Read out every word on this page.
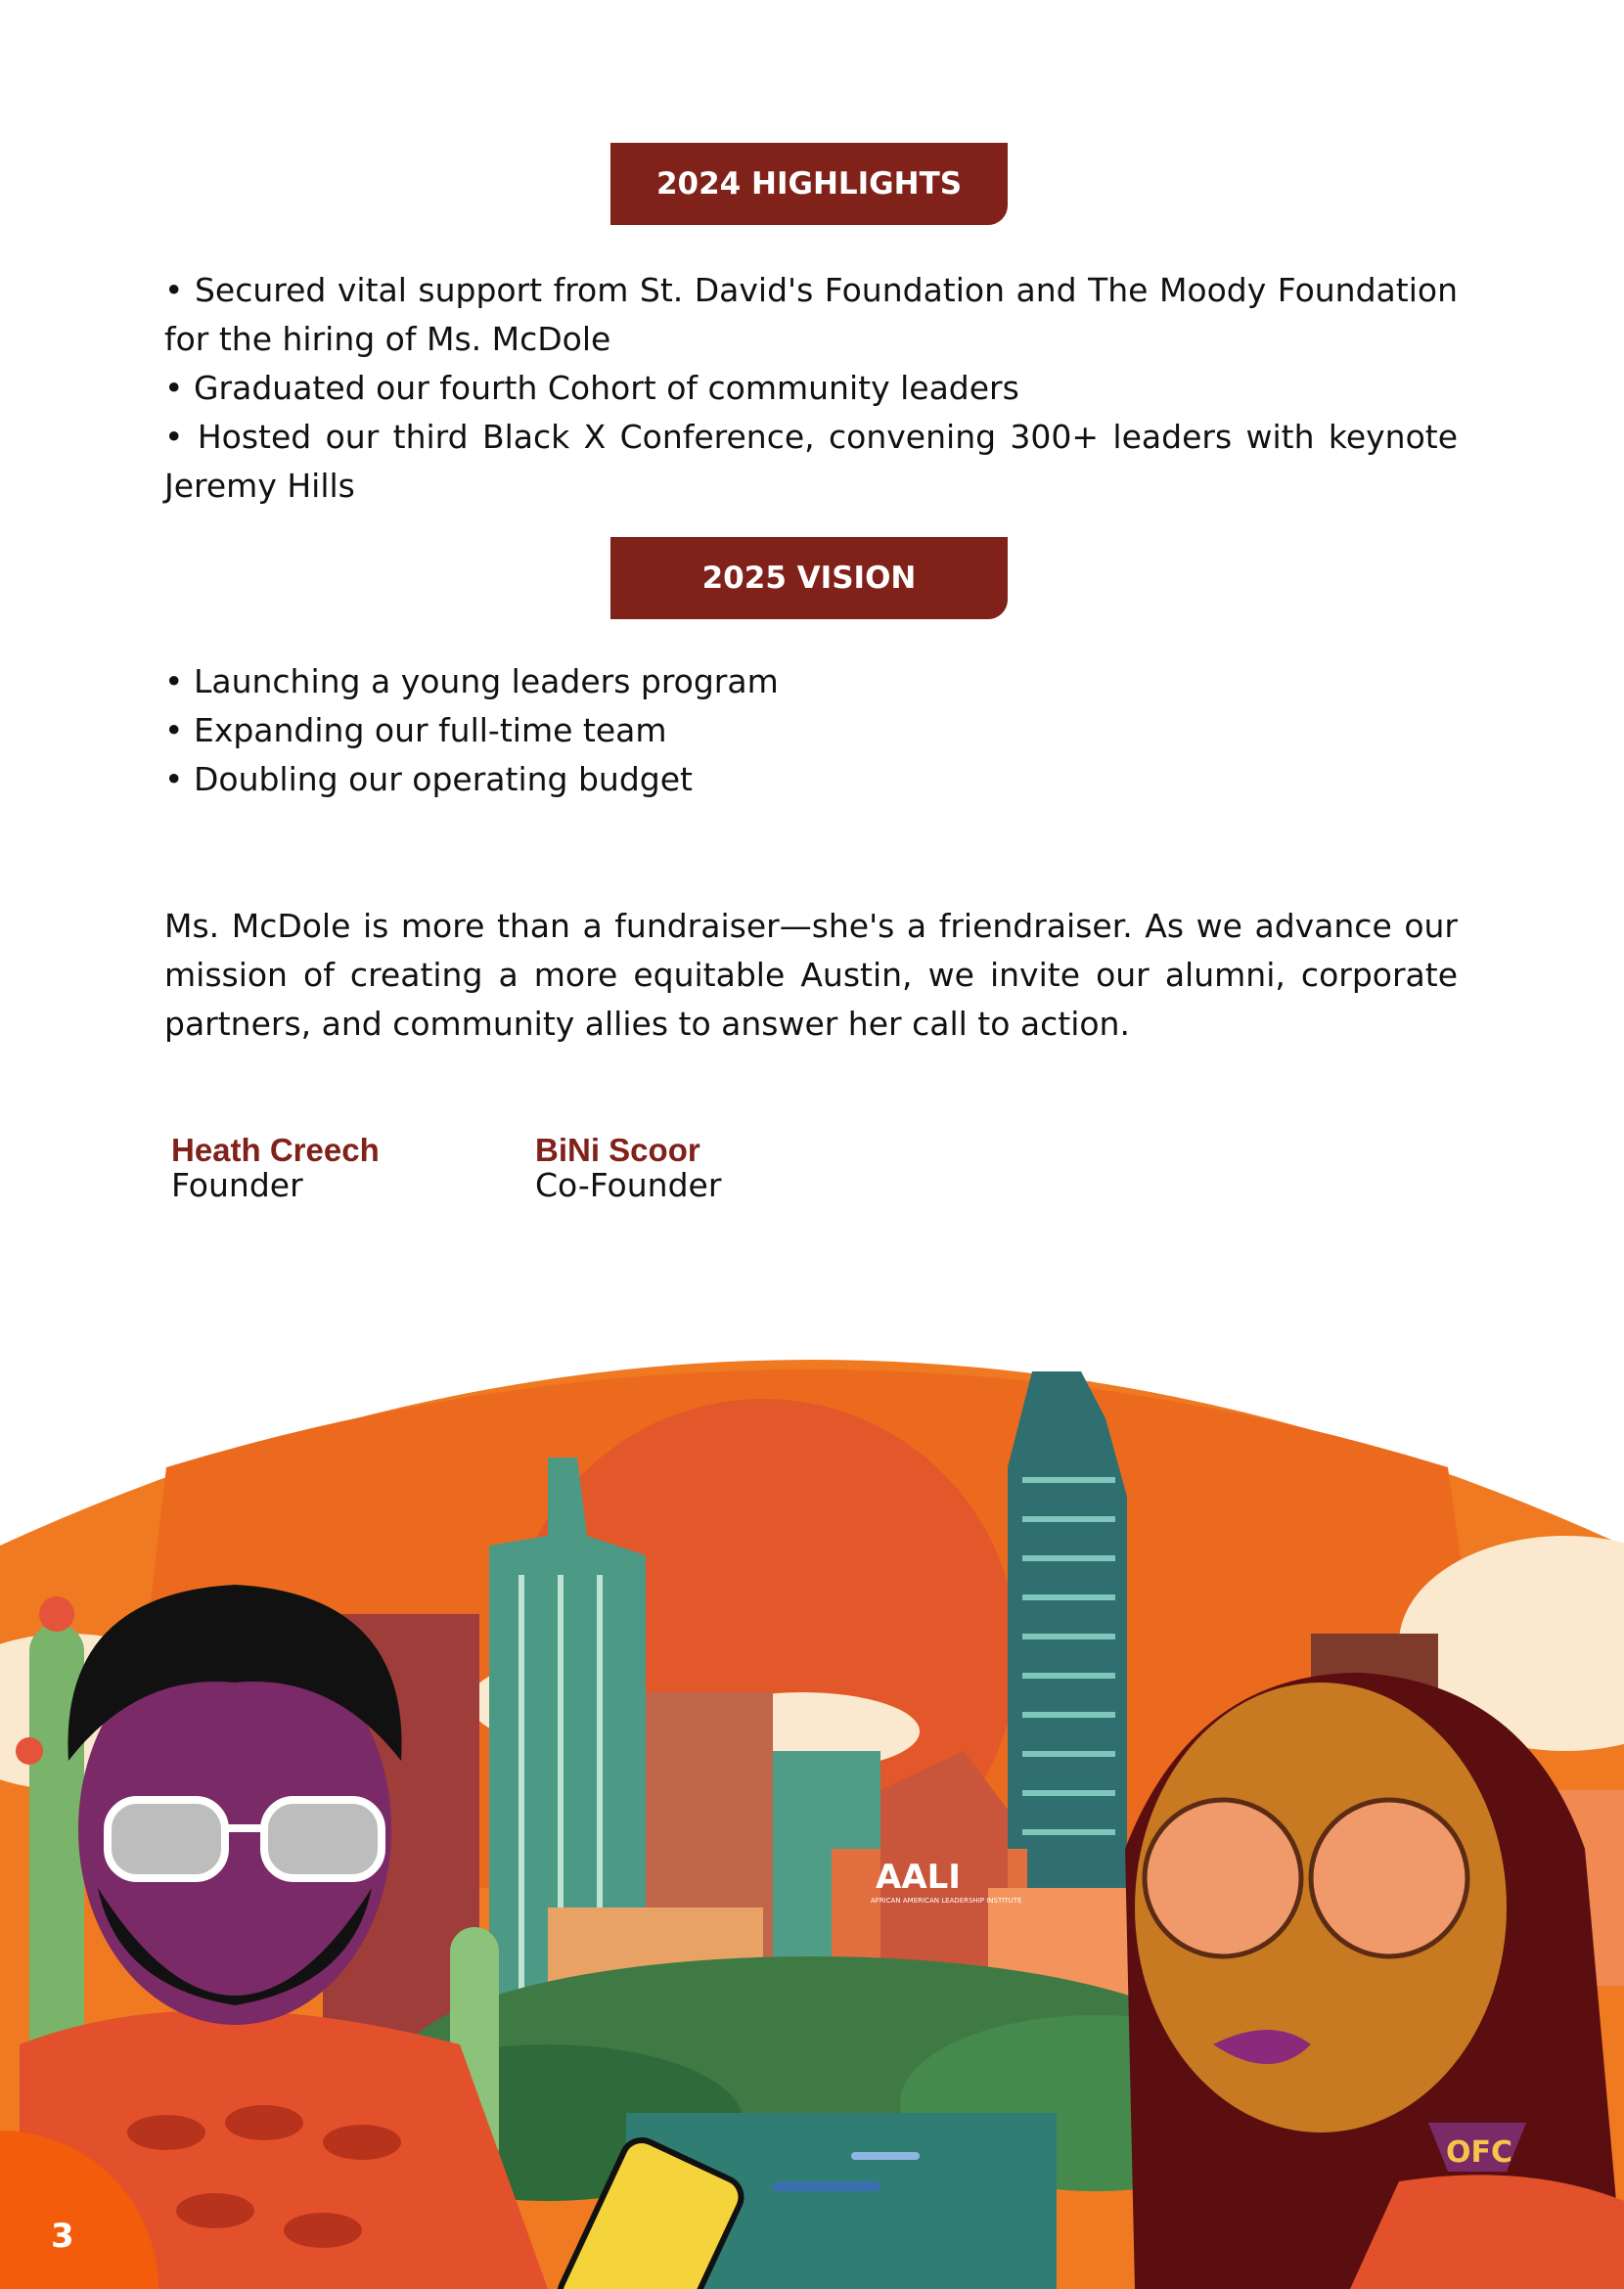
2024 HIGHLIGHTS
• Secured vital support from St. David's Foundation and The Moody Foundation for the hiring of Ms. McDole
• Graduated our fourth Cohort of community leaders
• Hosted our third Black X Conference, convening 300+ leaders with keynote Jeremy Hills
2025 VISION
• Launching a young leaders program
• Expanding our full-time team
• Doubling our operating budget

Ms. McDole is more than a fundraiser—she's a friendraiser. As we advance our mission of creating a more equitable Austin, we invite our alumni, corporate partners, and community allies to answer her call to action.

Heath Creech
Founder
BiNi Scoor
Co-Founder
AALI
AFRICAN AMERICAN LEADERSHIP INSTITUTE
OFC
3
